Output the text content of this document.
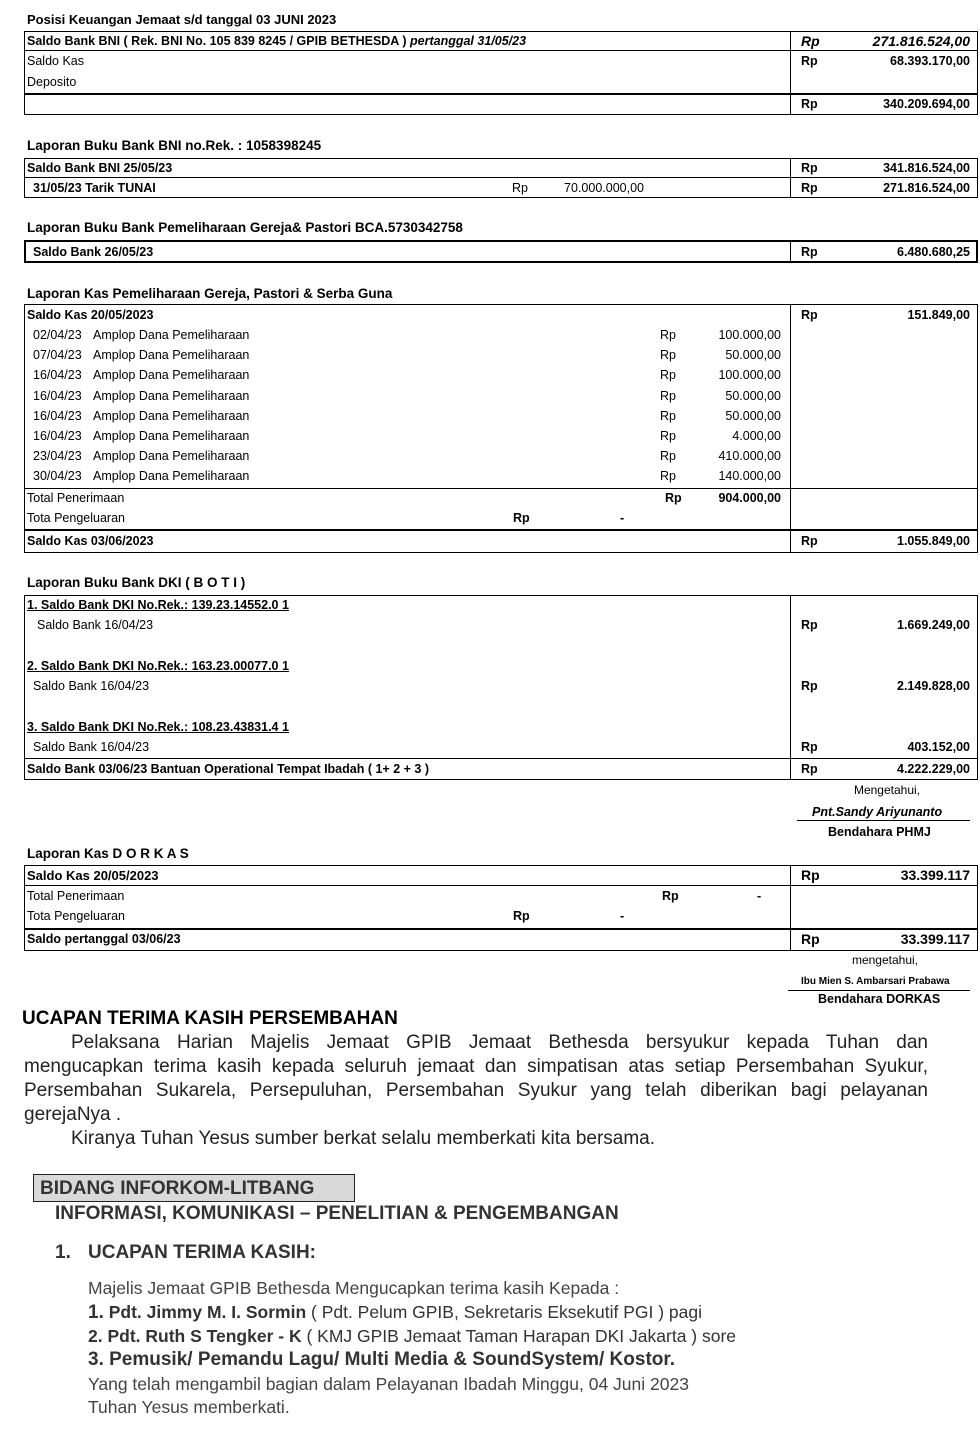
Posisi Keuangan Jemaat s/d tanggal 03 JUNI 2023
Saldo Bank BNI ( Rek. BNI No. 105 839 8245 / GPIB BETHESDA ) pertanggal 31/05/23	Rp	271.816.524,00
Saldo Kas	Rp	68.393.170,00
Deposito
Rp	340.209.694,00
Laporan Buku Bank BNI no.Rek. : 1058398245
Saldo Bank BNI 25/05/23	Rp	341.816.524,00
31/05/23 Tarik TUNAI	Rp	70.000.000,00	Rp	271.816.524,00
Laporan Buku Bank Pemeliharaan Gereja& Pastori BCA.5730342758
Saldo Bank 26/05/23	Rp	6.480.680,25
Laporan Kas Pemeliharaan Gereja, Pastori & Serba Guna
Saldo Kas 20/05/2023	Rp	151.849,00
02/04/23 Amplop Dana Pemeliharaan	Rp	100.000,00
07/04/23 Amplop Dana Pemeliharaan	Rp	50.000,00
16/04/23 Amplop Dana Pemeliharaan	Rp	100.000,00
16/04/23 Amplop Dana Pemeliharaan	Rp	50.000,00
16/04/23 Amplop Dana Pemeliharaan	Rp	50.000,00
16/04/23 Amplop Dana Pemeliharaan	Rp	4.000,00
23/04/23 Amplop Dana Pemeliharaan	Rp	410.000,00
30/04/23 Amplop Dana Pemeliharaan	Rp	140.000,00
Total Penerimaan	Rp	904.000,00
Tota Pengeluaran	Rp	-
Saldo Kas 03/06/2023	Rp	1.055.849,00
Laporan Buku Bank DKI ( B O T I )
1. Saldo Bank DKI No.Rek.: 139.23.14552.0 1
Saldo Bank 16/04/23	Rp	1.669.249,00
2. Saldo Bank DKI No.Rek.: 163.23.00077.0 1
Saldo Bank 16/04/23	Rp	2.149.828,00
3. Saldo Bank DKI No.Rek.: 108.23.43831.4 1
Saldo Bank 16/04/23	Rp	403.152,00
Saldo Bank 03/06/23 Bantuan Operational Tempat Ibadah ( 1+ 2 + 3 )	Rp	4.222.229,00
Mengetahui,
Pnt.Sandy Ariyunanto
Bendahara PHMJ
Laporan Kas D O R K A S
Saldo Kas 20/05/2023	Rp	33.399.117
Total Penerimaan	Rp	-
Tota Pengeluaran	Rp	-
Saldo pertanggal 03/06/23	Rp	33.399.117
mengetahui,
Ibu Mien S. Ambarsari Prabawa
Bendahara DORKAS
UCAPAN TERIMA KASIH PERSEMBAHAN
Pelaksana Harian Majelis Jemaat GPIB Jemaat Bethesda bersyukur kepada Tuhan dan mengucapkan terima kasih kepada seluruh jemaat dan simpatisan atas setiap Persembahan Syukur, Persembahan Sukarela, Persepuluhan, Persembahan Syukur yang telah diberikan bagi pelayanan gerejaNya .
Kiranya Tuhan Yesus sumber berkat selalu memberkati kita bersama.
BIDANG INFORKOM-LITBANG
INFORMASI, KOMUNIKASI – PENELITIAN & PENGEMBANGAN
1. UCAPAN TERIMA KASIH:
Majelis Jemaat GPIB Bethesda Mengucapkan terima kasih Kepada :
1. Pdt. Jimmy M. I. Sormin ( Pdt. Pelum GPIB, Sekretaris Eksekutif PGI ) pagi
2. Pdt. Ruth S Tengker - K ( KMJ GPIB Jemaat Taman Harapan DKI Jakarta ) sore
3. Pemusik/ Pemandu Lagu/ Multi Media & SoundSystem/ Kostor.
Yang telah mengambil bagian dalam Pelayanan Ibadah Minggu, 04 Juni 2023
Tuhan Yesus memberkati.
